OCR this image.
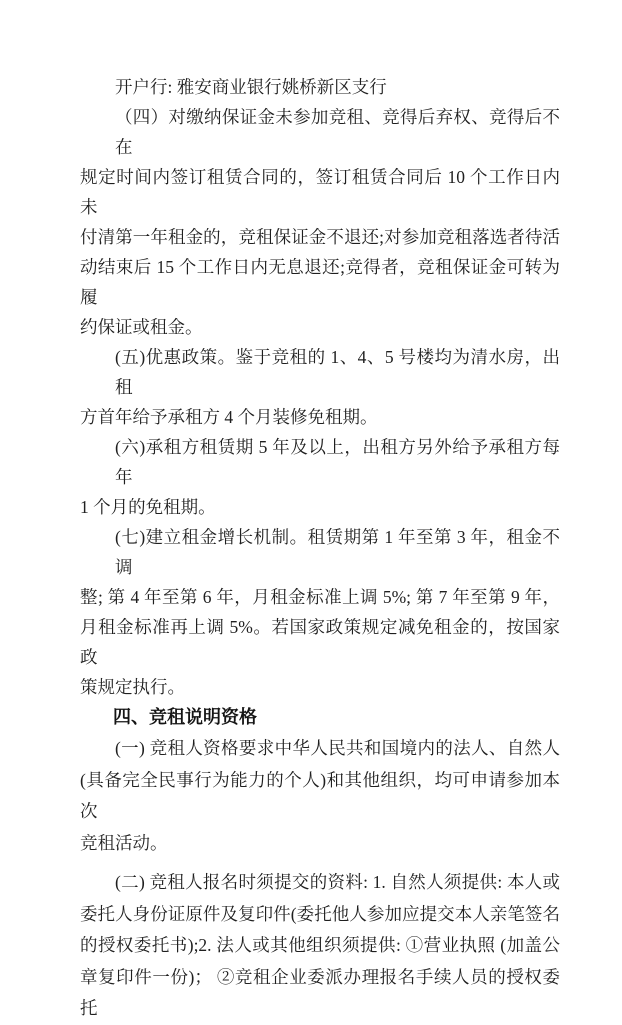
开户行: 雅安商业银行姚桥新区支行
（四）对缴纳保证金未参加竞租、竞得后弃权、竞得后不在
规定时间内签订租赁合同的，签订租赁合同后 10 个工作日内未
付清第一年租金的，竞租保证金不退还;对参加竞租落选者待活
动结束后 15 个工作日内无息退还;竞得者，竞租保证金可转为履
约保证或租金。
(五)优惠政策。鉴于竞租的 1、4、5 号楼均为清水房，出租
方首年给予承租方 4 个月装修免租期。
(六)承租方租赁期 5 年及以上，出租方另外给予承租方每年
1 个月的免租期。
(七)建立租金增长机制。租赁期第 1 年至第 3 年，租金不调
整; 第 4 年至第 6 年，月租金标准上调 5%; 第 7 年至第 9 年，
月租金标准再上调 5%。若国家政策规定减免租金的，按国家政
策规定执行。
四、竞租说明资格
(一) 竞租人资格要求中华人民共和国境内的法人、自然人
(具备完全民事行为能力的个人)和其他组织，均可申请参加本次
竞租活动。
(二) 竞租人报名时须提交的资料: 1. 自然人须提供: 本人或
委托人身份证原件及复印件(委托他人参加应提交本人亲笔签名
的授权委托书);2. 法人或其他组织须提供: ①营业执照 (加盖公
章复印件一份)； ②竞租企业委派办理报名手续人员的授权委托
